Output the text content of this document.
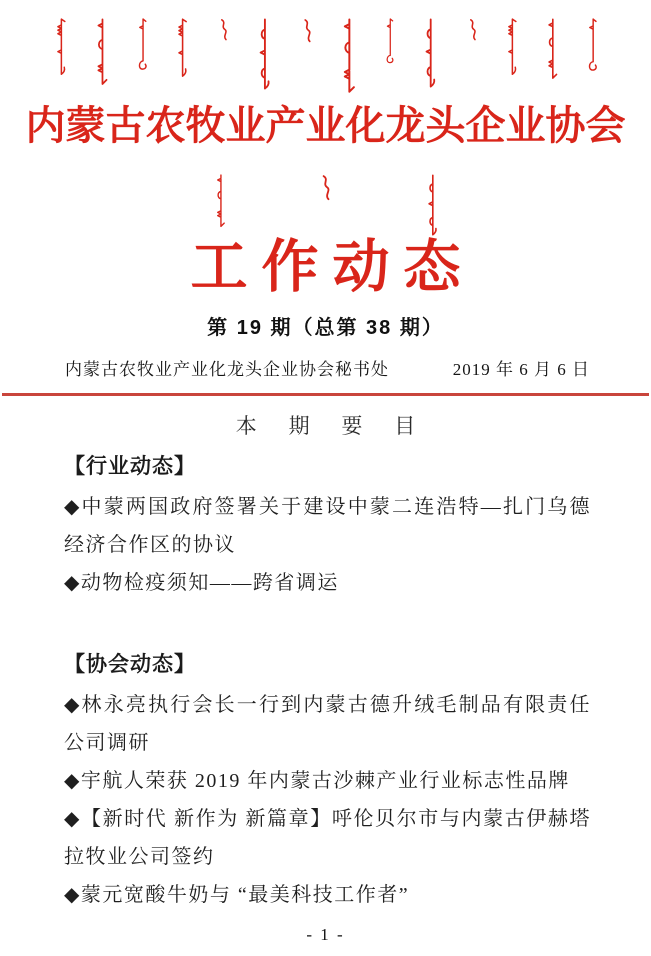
内蒙古农牧业产业化龙头企业协会
工作动态
第 19 期（总第 38 期）
内蒙古农牧业产业化龙头企业协会秘书处	2019 年 6 月 6 日
本 期 要 目
【行业动态】

◆中蒙两国政府签署关于建设中蒙二连浩特—扎门乌德经济合作区的协议

◆动物检疫须知——跨省调运

【协会动态】

◆林永亮执行会长一行到内蒙古德升绒毛制品有限责任公司调研

◆宇航人荣获 2019 年内蒙古沙棘产业行业标志性品牌

◆【新时代 新作为 新篇章】呼伦贝尔市与内蒙古伊赫塔拉牧业公司签约

◆蒙元宽酸牛奶与 “最美科技工作者”

- 1 -
